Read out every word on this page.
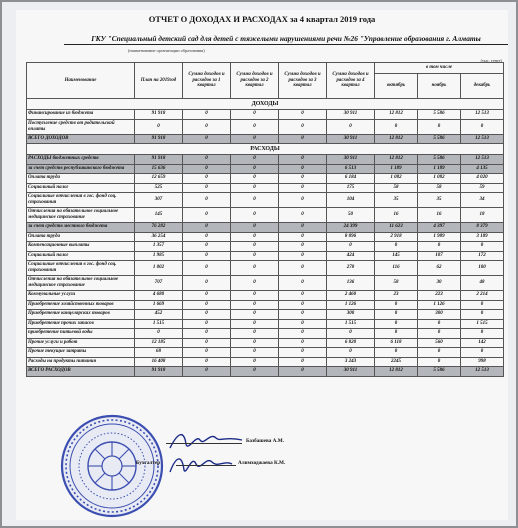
ОТЧЕТ О ДОХОДАХ И РАСХОДАХ за 4 квартал 2019 года
ГКУ "Специальный детский сад для детей с тяжелыми нарушениями речи №26 "Управление образования г. Алматы
(наименование организации образования)
(тыс. тенге)
Наименование	План на 2019год	Сумма доходов и расходов за 1 квартал	Сумма доходов и расходов за 2 квартал	Сумма доходов и расходов за 3 квартал	Сумма доходов и расходов за 4 квартал	в том числе		
						октябрь	ноябрь	декабрь
ДОХОДЫ								
Финансирование из бюджета	91 918	0	0	0	30 911	12 812	5 586	12 513
Поступление средств от родительской оплаты	0	0	0	0	0	0	0	0
ВСЕГО ДОХОДОВ	91 918	0	0	0	30 911	12 812	5 586	12 513
РАСХОДЫ								
РАСХОДЫ бюджетных средств	91 918	0	0	0	30 911	12 812	5 586	12 513
за счет средств республиканского бюджета	15 636	0	0	0	6 513	1 189	1 189	4 135
Оплата труда	12 659	0	0	0	6 184	1 082	1 082	4 020
Социальный налог	525	0	0	0	175	58	58	59
Социальные отчисления в гос. фонд соц. страхования	307	0	0	0	104	35	35	34
Отчисления на обязательное социальное медицинское страхование	145	0	0	0	50	16	16	18
за счет средств местного бюджета	76 282	0	0	0	24 399	11 623	4 397	8 379
Оплата труда	36 254	0	0	0	8 096	2 918	1 989	3 189
Компенсационные выплаты	1 357	0	0	0	0	0	0	0
Социальный налог	1 985	0	0	0	424	145	107	172
Социальные отчисления в гос. фонд соц. страхования	1 002	0	0	0	278	116	62	100
Отчисления на обязательное социальное медицинское страхование	707	0	0	0	136	58	30	48
Коммунальные услуги	4 680	0	0	0	2 460	23	223	2 214
Приобретение хозяйственных товаров	1 669	0	0	0	1 126	0	1 126	0
Приобретение канцелярских товаров	452	0	0	0	300	0	300	0
Приобретение прочих запасов	1 515	0	0	0	1 515	0	0	1 515
приобретение питьевой воды	0	0	0	0	0	0	0	0
Прочие услуги и работ	12 185	0	0	0	6 820	6 118	560	142
Прочие текущие затраты	68	0	0	0	0	0	0	0
Расходы на продукты питания	16 408	0	0	0	3 243	2245	0	998
ВСЕГО РАСХОДОВ	91 918	0	0	0	30 911	12 812	5 586	12 513
Базбашева А.М.
Бухгалтер	Алимходжаева К.М.
